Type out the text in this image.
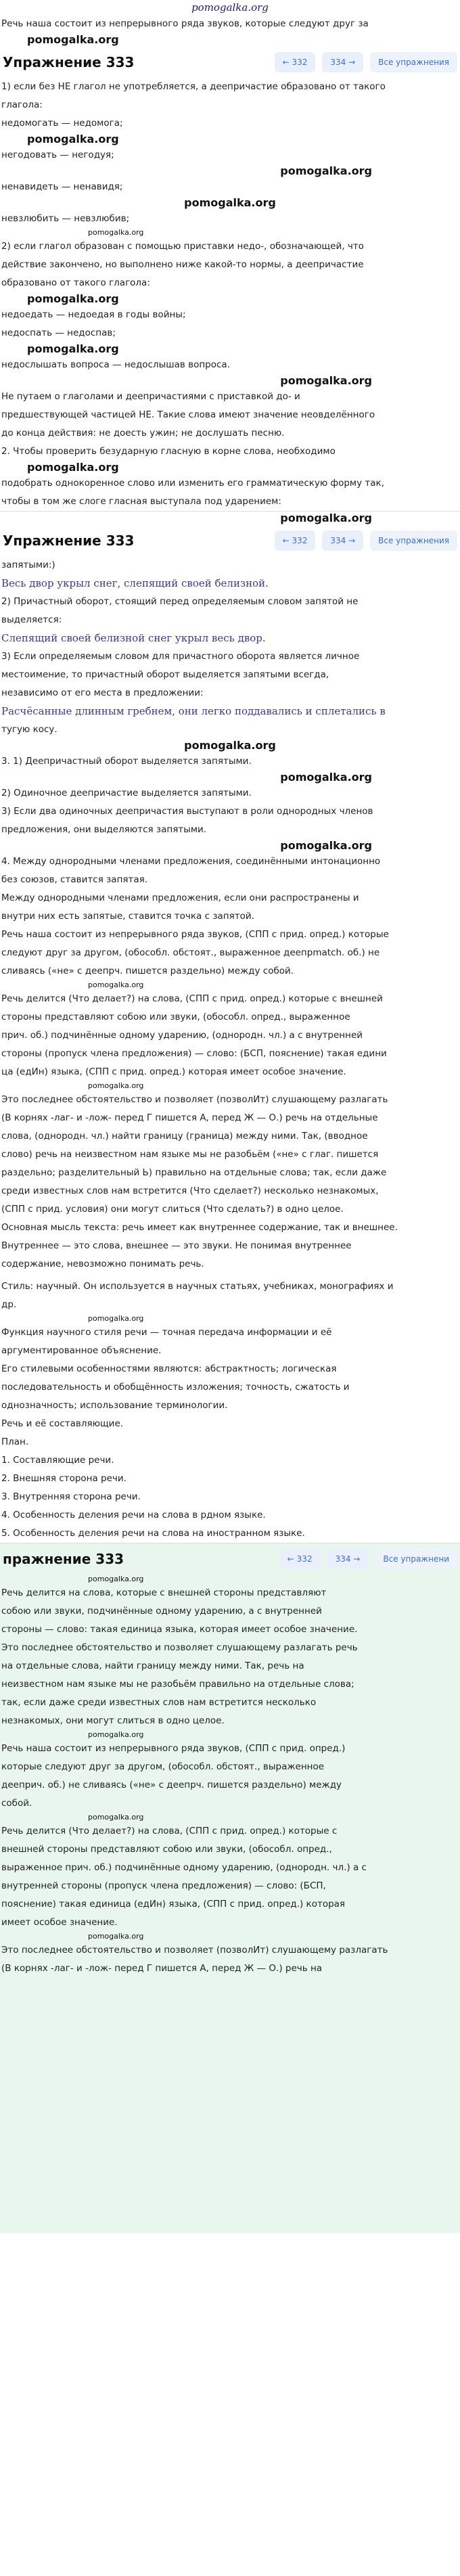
pomogalka.org
Речь наша состоит из непрерывного ряда звуков, которые следуют друг за
pomogalka.org
Упражнение 333	← 332	334 →	Все упражнения
1) если без НЕ глагол не употребляется, а деепричастие образовано от такого
глагола:
недомогать — недомога;
pomogalka.org
негодовать — негодуя;
pomogalka.org
ненавидеть — ненавидя;
pomogalka.org
невзлюбить — невзлюбив;
pomogalka.org
2) если глагол образован с помощью приставки недо-, обозначающей, что
действие закончено, но выполнено ниже какой-то нормы, а деепричастие
образовано от такого глагола:
pomogalka.org
недоедать — недоедая в годы войны;
недоспать — недоспав;
pomogalka.org
недослышать вопроса — недослышав вопроса.
pomogalka.org
Не путаем о глаголами и деепричастиями с приставкой до- и
предшествующей частицей НЕ. Такие слова имеют значение неовделённого
до конца действия: не доесть ужин; не дослушать песню.
2. Чтобы проверить безударную гласную в корне слова, необходимо
pomogalka.org
подобрать однокоренное слово или изменить его грамматическую форму так,
чтобы в том же слоге гласная выступала под ударением:
pomogalka.org
Упражнение 333	← 332	334 →	Все упражнения
запятыми:)
Весь двор укрыл снег, слепящий своей белизной.
2) Причастный оборот, стоящий перед определяемым словом запятой не
выделяется:
Слепящий своей белизной снег укрыл весь двор.
3) Если определяемым словом для причастного оборота является личное
местоимение, то причастный оборот выделяется запятыми всегда,
независимо от его места в предложении:
Расчёсанные длинным гребнем, они легко поддавались и сплетались в
тугую косу.
pomogalka.org
3. 1) Деепричастный оборот выделяется запятыми.
pomogalka.org
2) Одиночное деепричастие выделяется запятыми.
3) Если два одиночных деепричастия выступают в роли однородных членов
предложения, они выделяются запятыми.
pomogalka.org
4. Между однородными членами предложения, соединёнными интонационно
без союзов, ставится запятая.
Между однородными членами предложения, если они распространены и
внутри них есть запятые, ставится точка с запятой.
Речь наша состоит из непрерывного ряда звуков, (СПП с прид. опред.) которые
следуют друг за другом, (обособл. обстоят., выраженное деепрmatch. об.) не
сливаясь («не» с деепрч. пишется раздельно) между собой.
pomogalka.org
Речь делится (Что делает?) на слова, (СПП с прид. опред.) которые с внешней
стороны представляют собою или звуки, (обособл. опред., выраженное
прич. об.) подчинённые одному ударению, (однородн. чл.) а с внутренней
стороны (пропуск члена предложения) — слово: (БСП, пояснение) такая едини
ца (едИн) языка, (СПП с прид. опред.) которая имеет особое значение.
pomogalka.org
Это последнее обстоятельство и позволяет (позволИт) слушающему разлагать
(В корнях -лаг- и -лож- перед Г пишется А, перед Ж — О.) речь на отдельные
слова, (однородн. чл.) найти границу (граница) между ними. Так, (вводное
слово) речь на неизвестном нам языке мы не разобьём («не» с глаг. пишется
раздельно; разделительный Ь) правильно на отдельные слова; так, если даже
среди известных слов нам встретится (Что сделает?) несколько незнакомых,
(СПП с прид. условия) они могут слиться (Что сделать?) в одно целое.
Основная мысль текста: речь имеет как внутреннее содержание, так и внешнее.
Внутреннее — это слова, внешнее — это звуки. Не понимая внутреннее
содержание, невозможно понимать речь.
Стиль: научный. Он используется в научных статьях, учебниках, монографиях и
др.
pomogalka.org
Функция научного стиля речи — точная передача информации и её
аргументированное объяснение.
Его стилевыми особенностями являются: абстрактность; логическая
последовательность и обобщённость изложения; точность, сжатость и
однозначность; использование терминологии.
Речь и её составляющие.
План.
1. Составляющие речи.
2. Внешняя сторона речи.
3. Внутренняя сторона речи.
4. Особенность деления речи на слова в рдном языке.
5. Особенность деления речи на слова на иностранном языке.
пражнение 333	← 332	334 →	Все упражнени
pomogalka.org
Речь делится на слова, которые с внешней стороны представляют
собою или звуки, подчинённые одному ударению, а с внутренней
стороны — слово: такая единица языка, которая имеет особое значение.
Это последнее обстоятельство и позволяет слушающему разлагать речь
на отдельные слова, найти границу между ними. Так, речь на
неизвестном нам языке мы не разобьём правильно на отдельные слова;
так, если даже среди известных слов нам встретится несколько
незнакомых, они могут слиться в одно целое.
pomogalka.org
Речь наша состоит из непрерывного ряда звуков, (СПП с прид. опред.)
которые следуют друг за другом, (обособл. обстоят., выраженное
дееприч. об.) не сливаясь («не» с деепрч. пишется раздельно) между
собой.
pomogalka.org
Речь делится (Что делает?) на слова, (СПП с прид. опред.) которые с
внешней стороны представляют собою или звуки, (обособл. опред.,
выраженное прич. об.) подчинённые одному ударению, (однородн. чл.) а с
внутренней стороны (пропуск члена предложения) — слово: (БСП,
пояснение) такая единица (едИн) языка, (СПП с прид. опред.) которая
имеет особое значение.
pomogalka.org
Это последнее обстоятельство и позволяет (позволИт) слушающему разлагать
(В корнях -лаг- и -лож- перед Г пишется А, перед Ж — О.) речь на
